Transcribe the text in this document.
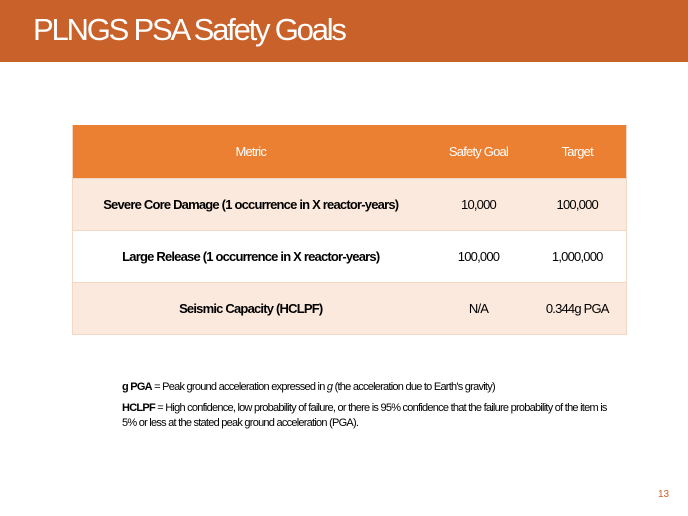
PLNGS PSA Safety Goals
Metric	Safety Goal	Target
Severe Core Damage (1 occurrence in X reactor-years)	10,000	100,000
Large Release (1 occurrence in X reactor-years)	100,000	1,000,000
Seismic Capacity (HCLPF)	N/A	0.344g PGA

g PGA = Peak ground acceleration expressed in g (the acceleration due to Earth's gravity)

HCLPF = High confidence, low probability of failure, or there is 95% confidence that the failure probability of the item is 5% or less at the stated peak ground acceleration (PGA).

13
